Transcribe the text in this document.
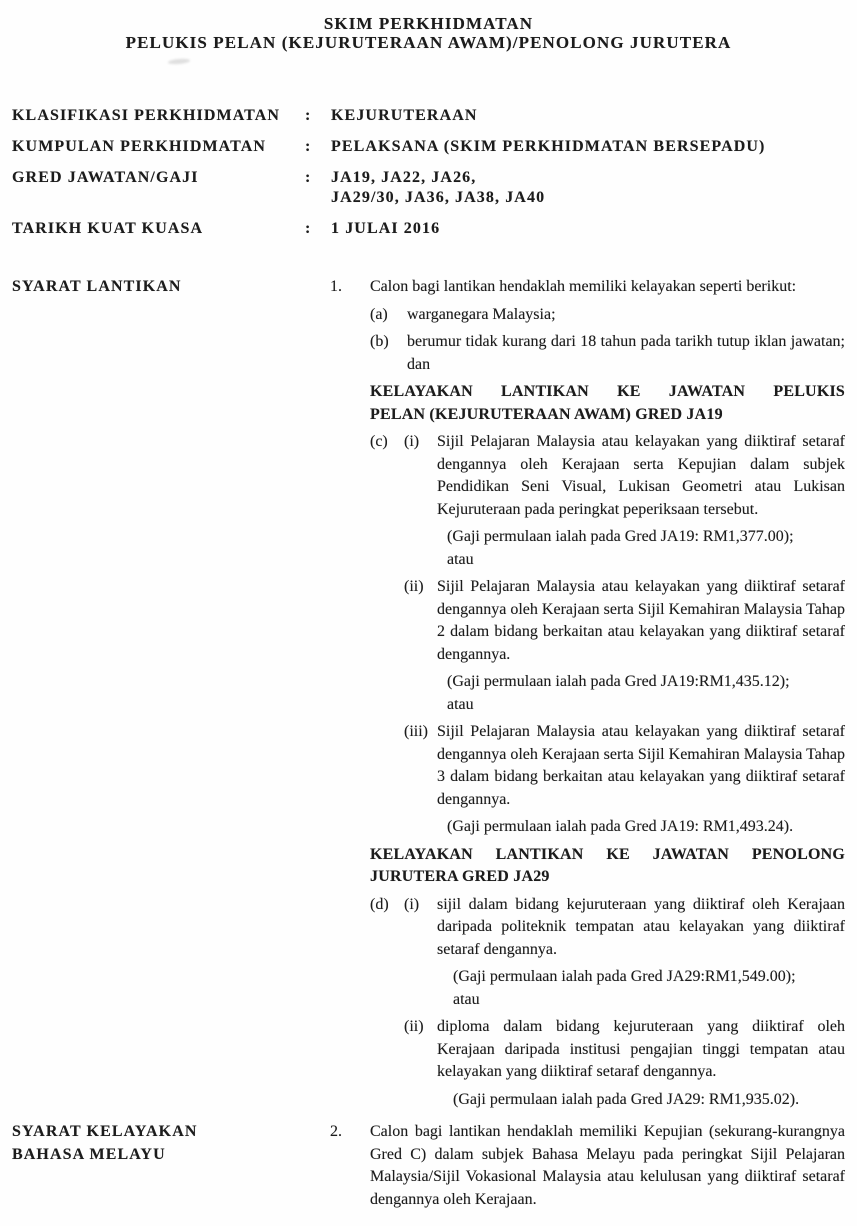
SKIM PERKHIDMATAN
PELUKIS PELAN (KEJURUTERAAN AWAM)/PENOLONG JURUTERA
KLASIFIKASI PERKHIDMATAN	:	KEJURUTERAAN
KUMPULAN PERKHIDMATAN	:	PELAKSANA (SKIM PERKHIDMATAN BERSEPADU)
GRED JAWATAN/GAJI	:	JA19, JA22, JA26,
JA29/30, JA36, JA38, JA40
TARIKH KUAT KUASA	:	1 JULAI 2016
SYARAT LANTIKAN	1.	Calon bagi lantikan hendaklah memiliki kelayakan seperti berikut:
(a)	warganegara Malaysia;
(b)	berumur tidak kurang dari 18 tahun pada tarikh tutup iklan jawatan; dan
KELAYAKAN LANTIKAN KE JAWATAN PELUKIS
PELAN (KEJURUTERAAN AWAM) GRED JA19
(c)	(i)	Sijil Pelajaran Malaysia atau kelayakan yang diiktiraf setaraf dengannya oleh Kerajaan serta Kepujian dalam subjek Pendidikan Seni Visual, Lukisan Geometri atau Lukisan Kejuruteraan pada peringkat peperiksaan tersebut.
(Gaji permulaan ialah pada Gred JA19: RM1,377.00);
atau
(ii) Sijil Pelajaran Malaysia atau kelayakan yang diiktiraf setaraf dengannya oleh Kerajaan serta Sijil Kemahiran Malaysia Tahap 2 dalam bidang berkaitan atau kelayakan yang diiktiraf setaraf dengannya.
(Gaji permulaan ialah pada Gred JA19:RM1,435.12);
atau
(iii) Sijil Pelajaran Malaysia atau kelayakan yang diiktiraf setaraf dengannya oleh Kerajaan serta Sijil Kemahiran Malaysia Tahap 3 dalam bidang berkaitan atau kelayakan yang diiktiraf setaraf dengannya.
(Gaji permulaan ialah pada Gred JA19: RM1,493.24).
KELAYAKAN LANTIKAN KE JAWATAN PENOLONG
JURUTERA GRED JA29
(d) (i)	sijil dalam bidang kejuruteraan yang diiktiraf oleh Kerajaan daripada politeknik tempatan atau kelayakan yang diiktiraf setaraf dengannya.
(Gaji permulaan ialah pada Gred JA29:RM1,549.00);
atau
(ii) diploma dalam bidang kejuruteraan yang diiktiraf oleh Kerajaan daripada institusi pengajian tinggi tempatan atau kelayakan yang diiktiraf setaraf dengannya.
(Gaji permulaan ialah pada Gred JA29: RM1,935.02).
SYARAT KELAYAKAN
BAHASA MELAYU
2.	Calon bagi lantikan hendaklah memiliki Kepujian (sekurang-kurangnya Gred C) dalam subjek Bahasa Melayu pada peringkat Sijil Pelajaran Malaysia/Sijil Vokasional Malaysia atau kelulusan yang diiktiraf setaraf dengannya oleh Kerajaan.
